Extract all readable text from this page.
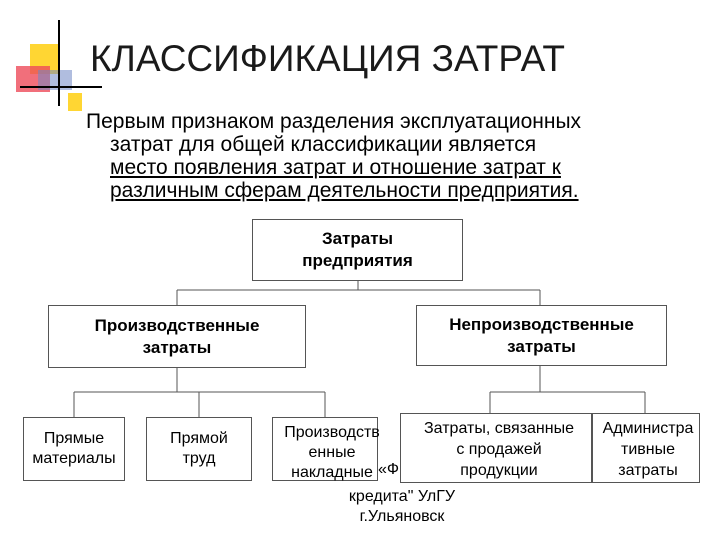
КЛАССИФИКАЦИЯ ЗАТРАТ
Первым признаком разделения эксплуатационных
затрат для общей классификации является
место появления затрат и отношение затрат к
различным сферам деятельности предприятия.
Затраты
предприятия
Производственные
затраты
Непроизводственные
затраты
Прямые
материалы
Прямой
труд
Производств
енные
накладные
Затраты, связанные
с продажей
продукции
Администра
тивные
затраты
«Ф
кредита" УлГУ
г.Ульяновск
